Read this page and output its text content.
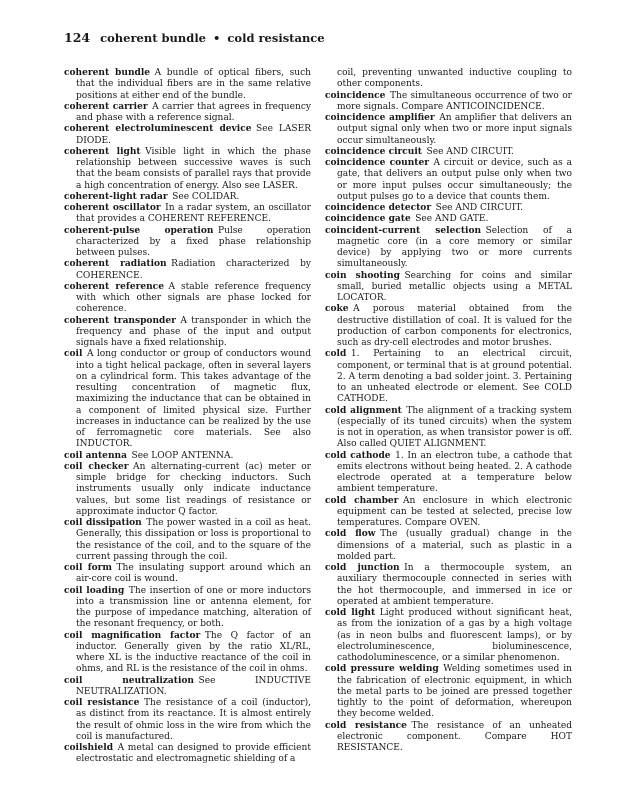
124 coherent bundle • cold resistance
coherent bundle  A bundle of optical fibers, such that the individual fibers are in the same relative positions at either end of the bundle.
coherent carrier  A carrier that agrees in frequency and phase with a reference signal.
coherent electroluminescent device  See LASER DIODE.
coherent light  Visible light in which the phase relationship between successive waves is such that the beam consists of parallel rays that provide a high concentration of energy. Also see LASER.
coherent-light radar  See COLIDAR.
coherent oscillator  In a radar system, an oscillator that provides a COHERENT REFERENCE.
coherent-pulse operation  Pulse operation characterized by a fixed phase relationship between pulses.
coherent radiation  Radiation characterized by COHERENCE.
coherent reference  A stable reference frequency with which other signals are phase locked for coherence.
coherent transponder  A transponder in which the frequency and phase of the input and output signals have a fixed relationship.
coil  A long conductor or group of conductors wound into a tight helical package, often in several layers on a cylindrical form. This takes advantage of the resulting concentration of magnetic flux, maximizing the inductance that can be obtained in a component of limited physical size. Further increases in inductance can be realized by the use of ferromagnetic core materials. See also INDUCTOR.
coil antenna  See LOOP ANTENNA.
coil checker  An alternating-current (ac) meter or simple bridge for checking inductors. Such instruments usually only indicate inductance values, but some list readings of resistance or approximate inductor Q factor.
coil dissipation  The power wasted in a coil as heat. Generally, this dissipation or loss is proportional to the resistance of the coil, and to the square of the current passing through the coil.
coil form  The insulating support around which an air-core coil is wound.
coil loading  The insertion of one or more inductors into a transmission line or antenna element, for the purpose of impedance matching, alteration of the resonant frequency, or both.
coil magnification factor  The Q factor of an inductor. Generally given by the ratio XL/RL, where XL is the inductive reactance of the coil in ohms, and RL is the resistance of the coil in ohms.
coil neutralization  See INDUCTIVE NEUTRALIZATION.
coil resistance  The resistance of a coil (inductor), as distinct from its reactance. It is almost entirely the result of ohmic loss in the wire from which the coil is manufactured.
coilshield  A metal can designed to provide efficient electrostatic and electromagnetic shielding of a
coil, preventing unwanted inductive coupling to other components.
coincidence  The simultaneous occurrence of two or more signals. Compare ANTICOINCIDENCE.
coincidence amplifier  An amplifier that delivers an output signal only when two or more input signals occur simultaneously.
coincidence circuit  See AND CIRCUIT.
coincidence counter  A circuit or device, such as a gate, that delivers an output pulse only when two or more input pulses occur simultaneously; the output pulses go to a device that counts them.
coincidence detector  See AND CIRCUIT.
coincidence gate  See AND GATE.
coincident-current selection  Selection of a magnetic core (in a core memory or similar device) by applying two or more currents simultaneously.
coin shooting  Searching for coins and similar small, buried metallic objects using a METAL LOCATOR.
coke  A porous material obtained from the destructive distillation of coal. It is valued for the production of carbon components for electronics, such as dry-cell electrodes and motor brushes.
cold  1. Pertaining to an electrical circuit, component, or terminal that is at ground potential. 2. A term denoting a bad solder joint. 3. Pertaining to an unheated electrode or element. See COLD CATHODE.
cold alignment  The alignment of a tracking system (especially of its tuned circuits) when the system is not in operation, as when transistor power is off. Also called QUIET ALIGNMENT.
cold cathode  1. In an electron tube, a cathode that emits electrons without being heated. 2. A cathode electrode operated at a temperature below ambient temperature.
cold chamber  An enclosure in which electronic equipment can be tested at selected, precise low temperatures. Compare OVEN.
cold flow  The (usually gradual) change in the dimensions of a material, such as plastic in a molded part.
cold junction  In a thermocouple system, an auxiliary thermocouple connected in series with the hot thermocouple, and immersed in ice or operated at ambient temperature.
cold light  Light produced without significant heat, as from the ionization of a gas by a high voltage (as in neon bulbs and fluorescent lamps), or by electroluminescence, bioluminescence, cathodoluminescence, or a similar phenomenon.
cold pressure welding  Welding sometimes used in the fabrication of electronic equipment, in which the metal parts to be joined are pressed together tightly to the point of deformation, whereupon they become welded.
cold resistance  The resistance of an unheated electronic component. Compare HOT RESISTANCE.
